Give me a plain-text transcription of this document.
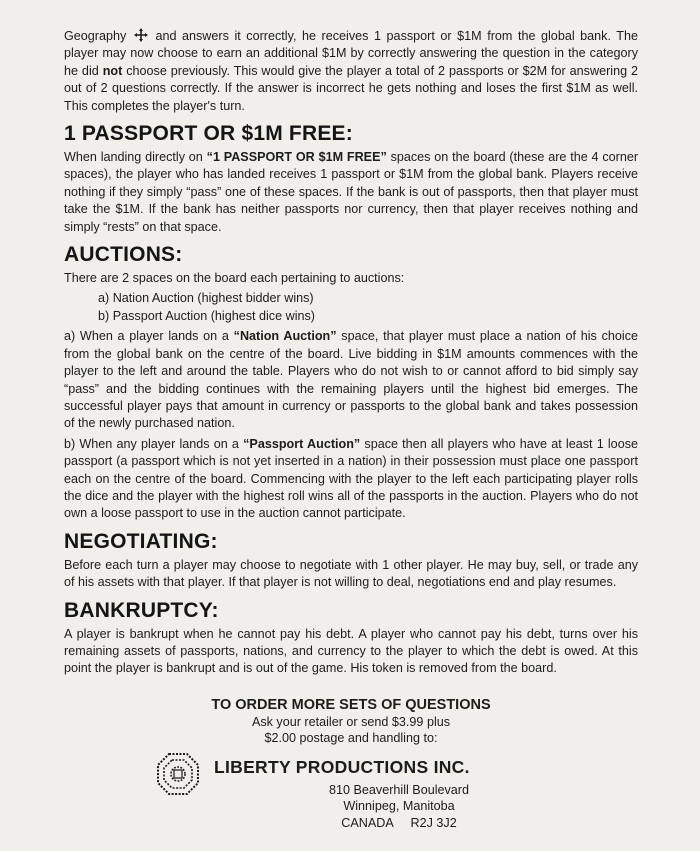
Geography and answers it correctly, he receives 1 passport or $1M from the global bank. The player may now choose to earn an additional $1M by correctly answering the question in the category he did not choose previously. This would give the player a total of 2 passports or $2M for answering 2 out of 2 questions correctly. If the answer is incorrect he gets nothing and loses the first $1M as well. This completes the player's turn.

1 PASSPORT OR $1M FREE:

When landing directly on “1 PASSPORT OR $1M FREE” spaces on the board (these are the 4 corner spaces), the player who has landed receives 1 passport or $1M from the global bank. Players receive nothing if they simply “pass” one of these spaces. If the bank is out of passports, then that player must take the $1M. If the bank has neither passports nor currency, then that player receives nothing and simply “rests” on that space.

AUCTIONS:

There are 2 spaces on the board each pertaining to auctions:

a) Nation Auction (highest bidder wins)

b) Passport Auction (highest dice wins)

a) When a player lands on a “Nation Auction” space, that player must place a nation of his choice from the global bank on the centre of the board. Live bidding in $1M amounts commences with the player to the left and around the table. Players who do not wish to or cannot afford to bid simply say “pass” and the bidding continues with the remaining players until the highest bid emerges. The successful player pays that amount in currency or passports to the global bank and takes possession of the newly purchased nation.

b) When any player lands on a “Passport Auction” space then all players who have at least 1 loose passport (a passport which is not yet inserted in a nation) in their possession must place one passport each on the centre of the board. Commencing with the player to the left each participating player rolls the dice and the player with the highest roll wins all of the passports in the auction. Players who do not own a loose passport to use in the auction cannot participate.

NEGOTIATING:

Before each turn a player may choose to negotiate with 1 other player. He may buy, sell, or trade any of his assets with that player. If that player is not willing to deal, negotiations end and play resumes.

BANKRUPTCY:

A player is bankrupt when he cannot pay his debt. A player who cannot pay his debt, turns over his remaining assets of passports, nations, and currency to the player to which the debt is owed. At this point the player is bankrupt and is out of the game. His token is removed from the board.

TO ORDER MORE SETS OF QUESTIONS
Ask your retailer or send $3.99 plus
$2.00 postage and handling to:
LIBERTY PRODUCTIONS INC.
810 Beaverhill Boulevard
Winnipeg, Manitoba
CANADA     R2J 3J2
